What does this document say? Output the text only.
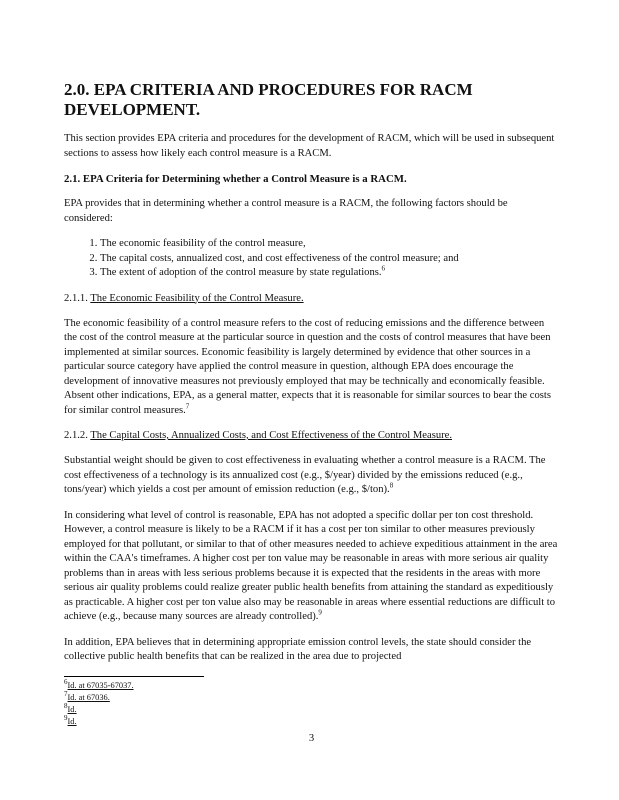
2.0. EPA CRITERIA AND PROCEDURES FOR RACM DEVELOPMENT.

This section provides EPA criteria and procedures for the development of RACM, which will be used in subsequent sections to assess how likely each control measure is a RACM.

2.1. EPA Criteria for Determining whether a Control Measure is a RACM.

EPA provides that in determining whether a control measure is a RACM, the following factors should be considered:

1. The economic feasibility of the control measure,
2. The capital costs, annualized cost, and cost effectiveness of the control measure; and
3. The extent of adoption of the control measure by state regulations.$^6$
2.1.1. The Economic Feasibility of the Control Measure.

The economic feasibility of a control measure refers to the cost of reducing emissions and the difference between the cost of the control measure at the particular source in question and the costs of control measures that have been implemented at similar sources. Economic feasibility is largely determined by evidence that other sources in a particular source category have applied the control measure in question, although EPA does encourage the development of innovative measures not previously employed that may be technically and economically feasible. Absent other indications, EPA, as a general matter, expects that it is reasonable for similar sources to bear the costs for similar control measures.$^7$

2.1.2. The Capital Costs, Annualized Costs, and Cost Effectiveness of the Control Measure.

Substantial weight should be given to cost effectiveness in evaluating whether a control measure is a RACM. The cost effectiveness of a technology is its annualized cost (e.g., $/year) divided by the emissions reduced (e.g., tons/year) which yields a cost per amount of emission reduction (e.g., $/ton).$^8$

In considering what level of control is reasonable, EPA has not adopted a specific dollar per ton cost threshold. However, a control measure is likely to be a RACM if it has a cost per ton similar to other measures previously employed for that pollutant, or similar to that of other measures needed to achieve expeditious attainment in the area within the CAA's timeframes. A higher cost per ton value may be reasonable in areas with more serious air quality problems than in areas with less serious problems because it is expected that the residents in the areas with more serious air quality problems could realize greater public health benefits from attaining the standard as expeditiously as practicable. A higher cost per ton value also may be reasonable in areas where essential reductions are difficult to achieve (e.g., because many sources are already controlled).$^9$

In addition, EPA believes that in determining appropriate emission control levels, the state should consider the collective public health benefits that can be realized in the area due to projected

$^6$Id. at 67035-67037.
$^7$Id. at 67036.
$^8$Id.
$^9$Id.
3
